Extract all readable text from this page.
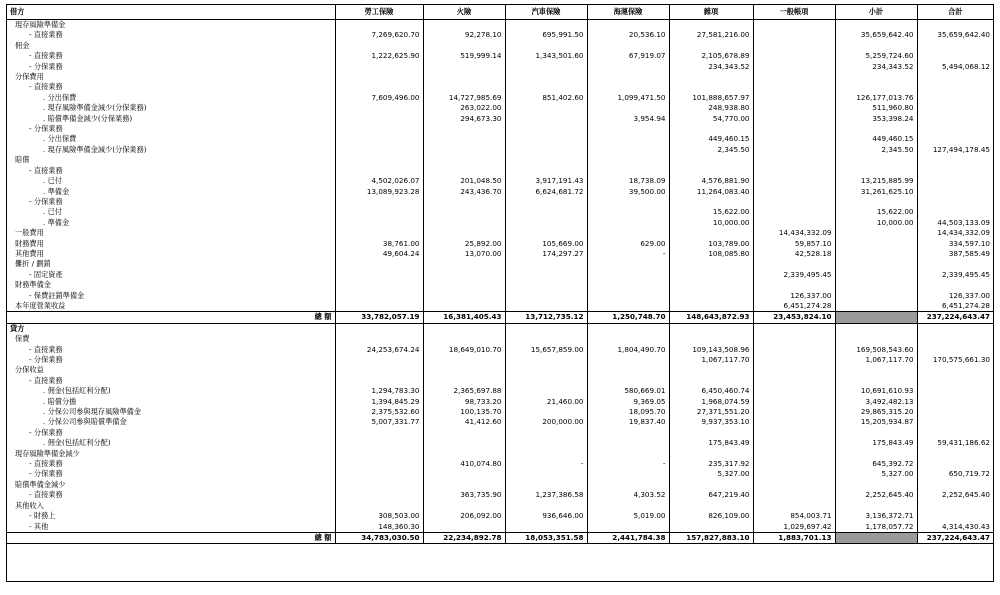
借方	勞工保險	火險	汽車保險	海運保險	雜項	一般帳項	小計	合計
現存風險準備金								
- 直接業務	7,269,620.70	92,278.10	695,991.50	20,536.10	27,581,216.00		35,659,642.40	35,659,642.40
佣金								
- 直接業務	1,222,625.90	519,999.14	1,343,501.60	67,919.07	2,105,678.89		5,259,724.60	
- 分保業務					234,343.52		234,343.52	5,494,068.12
分保費用								
- 直接業務								
. 分出保費	7,609,496.00	14,727,985.69	851,402.60	1,099,471.50	101,888,657.97		126,177,013.76	
. 現存風險準備金減少(分保業務)		263,022.00			248,938.80		511,960.80	
. 賠償準備金減少(分保業務)		294,673.30		3,954.94	54,770.00		353,398.24	
- 分保業務								
. 分出保費					449,460.15		449,460.15	
. 現存風險準備金減少(分保業務)					2,345.50		2,345.50	127,494,178.45
賠償								
- 直接業務								
. 已付	4,502,026.07	201,048.50	3,917,191.43	18,738.09	4,576,881.90		13,215,885.99	
. 準備金	13,089,923.28	243,436.70	6,624,681.72	39,500.00	11,264,083.40		31,261,625.10	
- 分保業務								
. 已付					15,622.00		15,622.00	
. 準備金					10,000.00		10,000.00	44,503,133.09
一般費用						14,434,332.09		14,434,332.09
財務費用	38,761.00	25,892.00	105,669.00	629.00	103,789.00	59,857.10		334,597.10
其他費用	49,604.24	13,070.00	174,297.27	-	108,085.80	42,528.18		387,585.49
攤折 / 劃銷								
- 固定資產						2,339,495.45		2,339,495.45
財務準備金								
- 保費註銷準備金						126,337.00		126,337.00
本年度營業收益						6,451,274.28		6,451,274.28
總 額	33,782,057.19	16,381,405.43	13,712,735.12	1,250,748.70	148,643,872.93	23,453,824.10		237,224,643.47
貸方								
保費								
- 直接業務	24,253,674.24	18,649,010.70	15,657,859.00	1,804,490.70	109,143,508.96		169,508,543.60	
- 分保業務					1,067,117.70		1,067,117.70	170,575,661.30
分保收益								
- 直接業務								
. 佣金(包括紅利分配)	1,294,783.30	2,365,697.88		580,669.01	6,450,460.74		10,691,610.93	
. 賠償分擔	1,394,845.29	98,733.20	21,460.00	9,369.05	1,968,074.59		3,492,482.13	
. 分保公司參與現存風險準備金	2,375,532.60	100,135.70		18,095.70	27,371,551.20		29,865,315.20	
. 分保公司參與賠償準備金	5,007,331.77	41,412.60	200,000.00	19,837.40	9,937,353.10		15,205,934.87	
- 分保業務								
. 佣金(包括紅利分配)					175,843.49		175,843.49	59,431,186.62
現存風險準備金減少								
- 直接業務		410,074.80	-	-	235,317.92		645,392.72	
- 分保業務					5,327.00		5,327.00	650,719.72
賠償準備金減少								
- 直接業務		363,735.90	1,237,386.58	4,303.52	647,219.40		2,252,645.40	2,252,645.40
其他收入								
- 財務上	308,503.00	206,092.00	936,646.00	5,019.00	826,109.00	854,003.71	3,136,372.71	
- 其他	148,360.30					1,029,697.42	1,178,057.72	4,314,430.43
總 額	34,783,030.50	22,234,892.78	18,053,351.58	2,441,784.38	157,827,883.10	1,883,701.13		237,224,643.47
